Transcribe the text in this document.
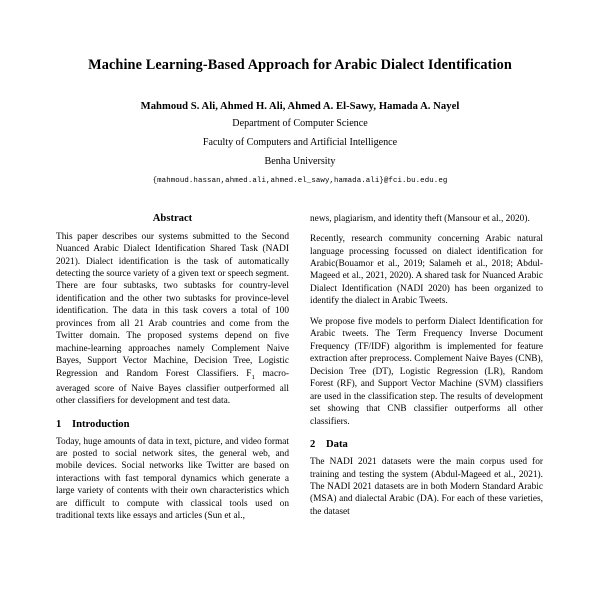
Machine Learning-Based Approach for Arabic Dialect Identification
Mahmoud S. Ali, Ahmed H. Ali, Ahmed A. El-Sawy, Hamada A. Nayel
Department of Computer Science
Faculty of Computers and Artificial Intelligence
Benha University
{mahmoud.hassan,ahmed.ali,ahmed.el_sawy,hamada.ali}@fci.bu.edu.eg
Abstract

This paper describes our systems submitted to the Second Nuanced Arabic Dialect Identification Shared Task (NADI 2021). Dialect identification is the task of automatically detecting the source variety of a given text or speech segment. There are four subtasks, two subtasks for country-level identification and the other two subtasks for province-level identification. The data in this task covers a total of 100 provinces from all 21 Arab countries and come from the Twitter domain. The proposed systems depend on five machine-learning approaches namely Complement Naive Bayes, Support Vector Machine, Decision Tree, Logistic Regression and Random Forest Classifiers. $F_1$ macro-averaged score of Naive Bayes classifier outperformed all other classifiers for development and test data.

1 Introduction

Today, huge amounts of data in text, picture, and video format are posted to social network sites, the general web, and mobile devices. Social networks like Twitter are based on interactions with fast temporal dynamics which generate a large variety of contents with their own characteristics which are difficult to compute with classical tools used on traditional texts like essays and articles (Sun et al.,

news, plagiarism, and identity theft (Mansour et al., 2020).

Recently, research community concerning Arabic natural language processing focussed on dialect identification for Arabic(Bouamor et al., 2019; Salameh et al., 2018; Abdul-Mageed et al., 2021, 2020). A shared task for Nuanced Arabic Dialect Identification (NADI 2020) has been organized to identify the dialect in Arabic Tweets.

We propose five models to perform Dialect Identification for Arabic tweets. The Term Frequency Inverse Document Frequency (TF/IDF) algorithm is implemented for feature extraction after preprocess. Complement Naive Bayes (CNB), Decision Tree (DT), Logistic Regression (LR), Random Forest (RF), and Support Vector Machine (SVM) classifiers are used in the classification step. The results of development set showing that CNB classifier outperforms all other classifiers.

2 Data

The NADI 2021 datasets were the main corpus used for training and testing the system (Abdul-Mageed et al., 2021). The NADI 2021 datasets are in both Modern Standard Arabic (MSA) and dialectal Arabic (DA). For each of these varieties, the dataset
